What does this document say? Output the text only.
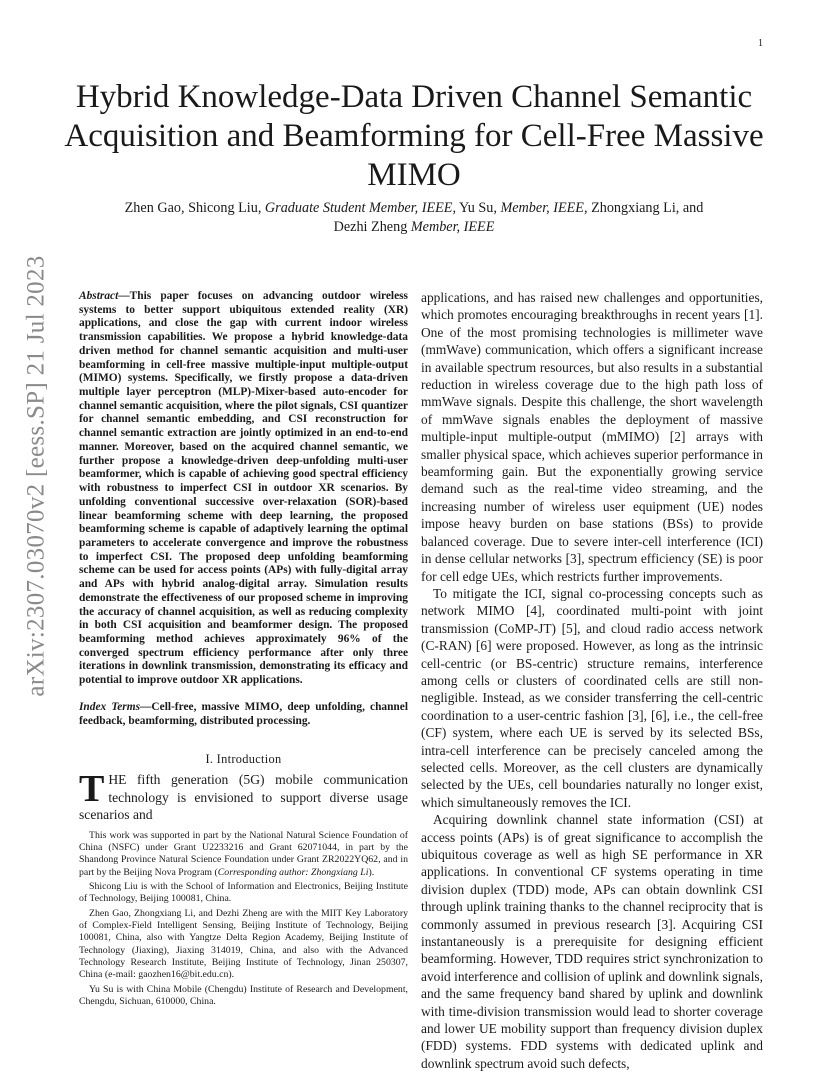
1
arXiv:2307.03070v2 [eess.SP] 21 Jul 2023
Hybrid Knowledge-Data Driven Channel Semantic Acquisition and Beamforming for Cell-Free Massive MIMO
Zhen Gao, Shicong Liu, Graduate Student Member, IEEE, Yu Su, Member, IEEE, Zhongxiang Li, and
Dezhi Zheng Member, IEEE
Abstract—This paper focuses on advancing outdoor wireless systems to better support ubiquitous extended reality (XR) applications, and close the gap with current indoor wireless transmission capabilities. We propose a hybrid knowledge-data driven method for channel semantic acquisition and multi-user beamforming in cell-free massive multiple-input multiple-output (MIMO) systems. Specifically, we firstly propose a data-driven multiple layer perceptron (MLP)-Mixer-based auto-encoder for channel semantic acquisition, where the pilot signals, CSI quantizer for channel semantic embedding, and CSI reconstruction for channel semantic extraction are jointly optimized in an end-to-end manner. Moreover, based on the acquired channel semantic, we further propose a knowledge-driven deep-unfolding multi-user beamformer, which is capable of achieving good spectral efficiency with robustness to imperfect CSI in outdoor XR scenarios. By unfolding conventional successive over-relaxation (SOR)-based linear beamforming scheme with deep learning, the proposed beamforming scheme is capable of adaptively learning the optimal parameters to accelerate convergence and improve the robustness to imperfect CSI. The proposed deep unfolding beamforming scheme can be used for access points (APs) with fully-digital array and APs with hybrid analog-digital array. Simulation results demonstrate the effectiveness of our proposed scheme in improving the accuracy of channel acquisition, as well as reducing complexity in both CSI acquisition and beamformer design. The proposed beamforming method achieves approximately 96% of the converged spectrum efficiency performance after only three iterations in downlink transmission, demonstrating its efficacy and potential to improve outdoor XR applications.
Index Terms—Cell-free, massive MIMO, deep unfolding, channel feedback, beamforming, distributed processing.
I. Introduction
THE fifth generation (5G) mobile communication technology is envisioned to support diverse usage scenarios and

This work was supported in part by the National Natural Science Foundation of China (NSFC) under Grant U2233216 and Grant 62071044, in part by the Shandong Province Natural Science Foundation under Grant ZR2022YQ62, and in part by the Beijing Nova Program (Corresponding author: Zhongxiang Li).

Shicong Liu is with the School of Information and Electronics, Beijing Institute of Technology, Beijing 100081, China.

Zhen Gao, Zhongxiang Li, and Dezhi Zheng are with the MIIT Key Laboratory of Complex-Field Intelligent Sensing, Beijing Institute of Technology, Beijing 100081, China, also with Yangtze Delta Region Academy, Beijing Institute of Technology (Jiaxing), Jiaxing 314019, China, and also with the Advanced Technology Research Institute, Beijing Institute of Technology, Jinan 250307, China (e-mail: gaozhen16@bit.edu.cn).

Yu Su is with China Mobile (Chengdu) Institute of Research and Development, Chengdu, Sichuan, 610000, China.

applications, and has raised new challenges and opportunities, which promotes encouraging breakthroughs in recent years [1]. One of the most promising technologies is millimeter wave (mmWave) communication, which offers a significant increase in available spectrum resources, but also results in a substantial reduction in wireless coverage due to the high path loss of mmWave signals. Despite this challenge, the short wavelength of mmWave signals enables the deployment of massive multiple-input multiple-output (mMIMO) [2] arrays with smaller physical space, which achieves superior performance in beamforming gain. But the exponentially growing service demand such as the real-time video streaming, and the increasing number of wireless user equipment (UE) nodes impose heavy burden on base stations (BSs) to provide balanced coverage. Due to severe inter-cell interference (ICI) in dense cellular networks [3], spectrum efficiency (SE) is poor for cell edge UEs, which restricts further improvements.

To mitigate the ICI, signal co-processing concepts such as network MIMO [4], coordinated multi-point with joint transmission (CoMP-JT) [5], and cloud radio access network (C-RAN) [6] were proposed. However, as long as the intrinsic cell-centric (or BS-centric) structure remains, interference among cells or clusters of coordinated cells are still non-negligible. Instead, as we consider transferring the cell-centric coordination to a user-centric fashion [3], [6], i.e., the cell-free (CF) system, where each UE is served by its selected BSs, intra-cell interference can be precisely canceled among the selected cells. Moreover, as the cell clusters are dynamically selected by the UEs, cell boundaries naturally no longer exist, which simultaneously removes the ICI.

Acquiring downlink channel state information (CSI) at access points (APs) is of great significance to accomplish the ubiquitous coverage as well as high SE performance in XR applications. In conventional CF systems operating in time division duplex (TDD) mode, APs can obtain downlink CSI through uplink training thanks to the channel reciprocity that is commonly assumed in previous research [3]. Acquiring CSI instantaneously is a prerequisite for designing efficient beamforming. However, TDD requires strict synchronization to avoid interference and collision of uplink and downlink signals, and the same frequency band shared by uplink and downlink with time-division transmission would lead to shorter coverage and lower UE mobility support than frequency division duplex (FDD) systems. FDD systems with dedicated uplink and downlink spectrum avoid such defects,
